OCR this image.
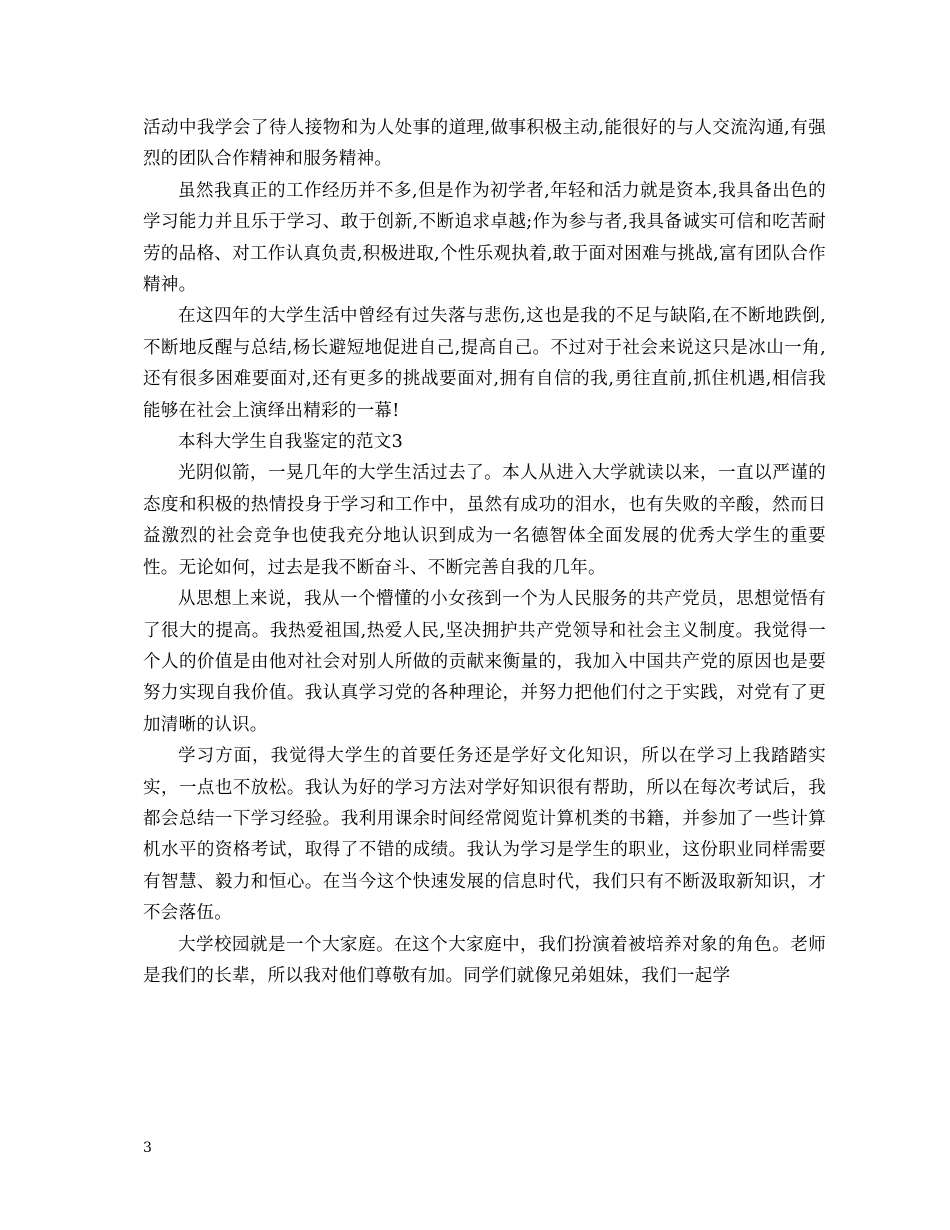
活动中我学会了待人接物和为人处事的道理,做事积极主动,能很好的与人交流沟通,有强烈的团队合作精神和服务精神。

虽然我真正的工作经历并不多,但是作为初学者,年轻和活力就是资本,我具备出色的学习能力并且乐于学习、敢于创新,不断追求卓越;作为参与者,我具备诚实可信和吃苦耐劳的品格、对工作认真负责,积极进取,个性乐观执着,敢于面对困难与挑战,富有团队合作精神。

在这四年的大学生活中曾经有过失落与悲伤,这也是我的不足与缺陷,在不断地跌倒,不断地反醒与总结,杨长避短地促进自己,提高自己。不过对于社会来说这只是冰山一角,还有很多困难要面对,还有更多的挑战要面对,拥有自信的我,勇往直前,抓住机遇,相信我能够在社会上演绎出精彩的一幕!

本科大学生自我鉴定的范文3

光阴似箭，一晃几年的大学生活过去了。本人从进入大学就读以来，一直以严谨的态度和积极的热情投身于学习和工作中，虽然有成功的泪水，也有失败的辛酸，然而日益激烈的社会竞争也使我充分地认识到成为一名德智体全面发展的优秀大学生的重要性。无论如何，过去是我不断奋斗、不断完善自我的几年。

从思想上来说，我从一个懵懂的小女孩到一个为人民服务的共产党员，思想觉悟有了很大的提高。我热爱祖国,热爱人民,坚决拥护共产党领导和社会主义制度。我觉得一个人的价值是由他对社会对别人所做的贡献来衡量的，我加入中国共产党的原因也是要努力实现自我价值。我认真学习党的各种理论，并努力把他们付之于实践，对党有了更加清晰的认识。

学习方面，我觉得大学生的首要任务还是学好文化知识，所以在学习上我踏踏实实，一点也不放松。我认为好的学习方法对学好知识很有帮助，所以在每次考试后，我都会总结一下学习经验。我利用课余时间经常阅览计算机类的书籍，并参加了一些计算机水平的资格考试，取得了不错的成绩。我认为学习是学生的职业，这份职业同样需要有智慧、毅力和恒心。在当今这个快速发展的信息时代，我们只有不断汲取新知识，才不会落伍。

大学校园就是一个大家庭。在这个大家庭中，我们扮演着被培养对象的角色。老师是我们的长辈，所以我对他们尊敬有加。同学们就像兄弟姐妹，我们一起学

3
